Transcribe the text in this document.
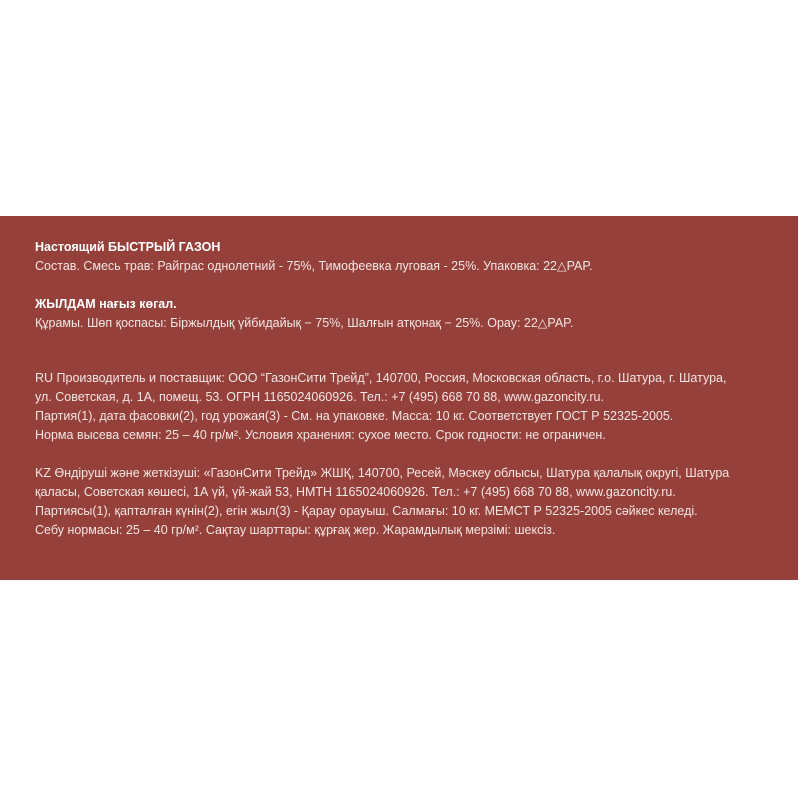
Настоящий БЫСТРЫЙ ГАЗОН
Состав. Смесь трав: Райграс однолетний - 75%, Тимофеевка луговая - 25%. Упаковка: 22△PAP.
ЖЫЛДАМ нағыз көгал.
Құрамы. Шөп қоспасы: Біржылдық үйбидайық − 75%, Шалғын атқонақ − 25%. Орау: 22△PAP.
RU Производитель и поставщик: ООО “ГазонСити Трейд”, 140700, Россия, Московская область, г.о. Шатура, г. Шатура,
ул. Советская, д. 1А, помещ. 53. ОГРН 1165024060926. Тел.: +7 (495) 668 70 88, www.gazoncity.ru.
Партия(1), дата фасовки(2), год урожая(3) - См. на упаковке. Масса: 10 кг. Соответствует ГОСТ Р 52325-2005.
Норма высева семян: 25 – 40 гр/м². Условия хранения: сухое место. Срок годности: не ограничен.
KZ Өндіруші және жеткізуші: «ГазонСити Трейд» ЖШҚ, 140700, Ресей, Мәскеу облысы, Шатура қалалық округі, Шатура
қаласы, Советская көшесі, 1А үй, үй-жай 53, НМТН 1165024060926. Тел.: +7 (495) 668 70 88, www.gazoncity.ru.
Партиясы(1), қапталған күнін(2), егін жыл(3) - Қарау орауыш. Салмағы: 10 кг. МЕМСТ Р 52325-2005 сәйкес келеді.
Себу нормасы: 25 – 40 гр/м². Сақтау шарттары: құрғақ жер. Жарамдылық мерзімі: шексіз.
